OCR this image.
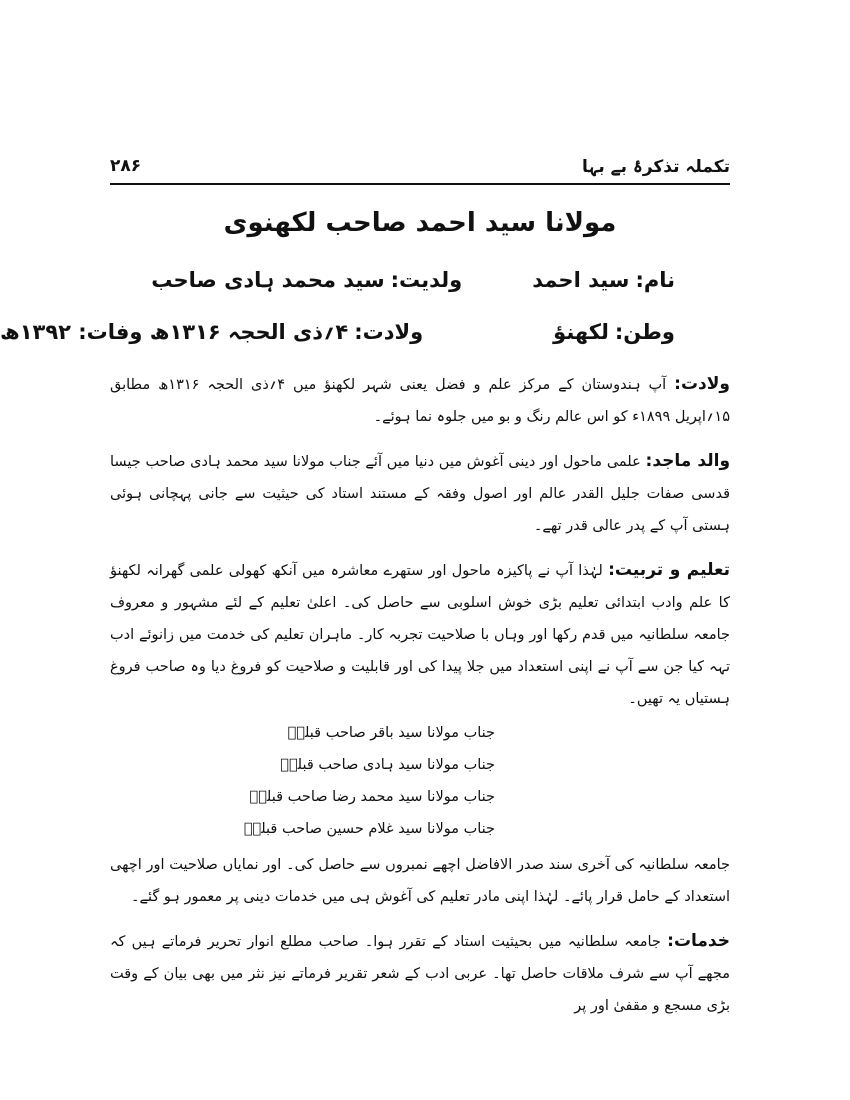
تکملہ تذکرۂ بے بہا
۲۸۶
مولانا سید احمد صاحب لکھنوی
نام:سید احمدولدیت:سید محمد ہادی صاحب
وطن:لکھنؤولادت:۴؍ذی الحجہ ۱۳۱۶ھ وفات: ۱۳۹۲ھ

ولادت: آپ ہندوستان کے مرکز علم و فضل یعنی شہر لکھنؤ میں ۴؍ذی الحجہ ۱۳۱۶ھ مطابق ۱۵؍اپریل ۱۸۹۹ء کو اس عالم رنگ و بو میں جلوہ نما ہوئے۔

والد ماجد: علمی ماحول اور دینی آغوش میں دنیا میں آئے جناب مولانا سید محمد ہادی صاحب جیسا قدسی صفات جلیل القدر عالم اور اصول وفقہ کے مستند استاد کی حیثیت سے جانی پہچانی ہوئی ہستی آپ کے پدر عالی قدر تھے۔

تعلیم و تربیت: لہٰذا آپ نے پاکیزہ ماحول اور ستھرے معاشرہ میں آنکھ کھولی علمی گھرانہ لکھنؤ کا علم وادب ابتدائی تعلیم بڑی خوش اسلوبی سے حاصل کی۔ اعلیٰ تعلیم کے لئے مشہور و معروف جامعہ سلطانیہ میں قدم رکھا اور وہاں با صلاحیت تجربہ کار۔ ماہران تعلیم کی خدمت میں زانوئے ادب تہہ کیا جن سے آپ نے اپنی استعداد میں جلا پیدا کی اور قابلیت و صلاحیت کو فروغ دیا وہ صاحب فروغ ہستیاں یہ تھیں۔

جناب مولانا سید باقر صاحب قبلہؒ
جناب مولانا سید ہادی صاحب قبلہؒ
جناب مولانا سید محمد رضا صاحب قبلہؒ
جناب مولانا سید غلام حسین صاحب قبلہؒ

جامعہ سلطانیہ کی آخری سند صدر الافاضل اچھے نمبروں سے حاصل کی۔ اور نمایاں صلاحیت اور اچھی استعداد کے حامل قرار پائے۔ لہٰذا اپنی مادر تعلیم کی آغوش ہی میں خدمات دینی پر معمور ہو گئے۔

خدمات: جامعہ سلطانیہ میں بحیثیت استاد کے تقرر ہوا۔ صاحب مطلع انوار تحریر فرماتے ہیں کہ مجھے آپ سے شرف ملاقات حاصل تھا۔ عربی ادب کے شعر تقریر فرماتے نیز نثر میں بھی بیان کے وقت بڑی مسجع و مقفیٰ اور پر
